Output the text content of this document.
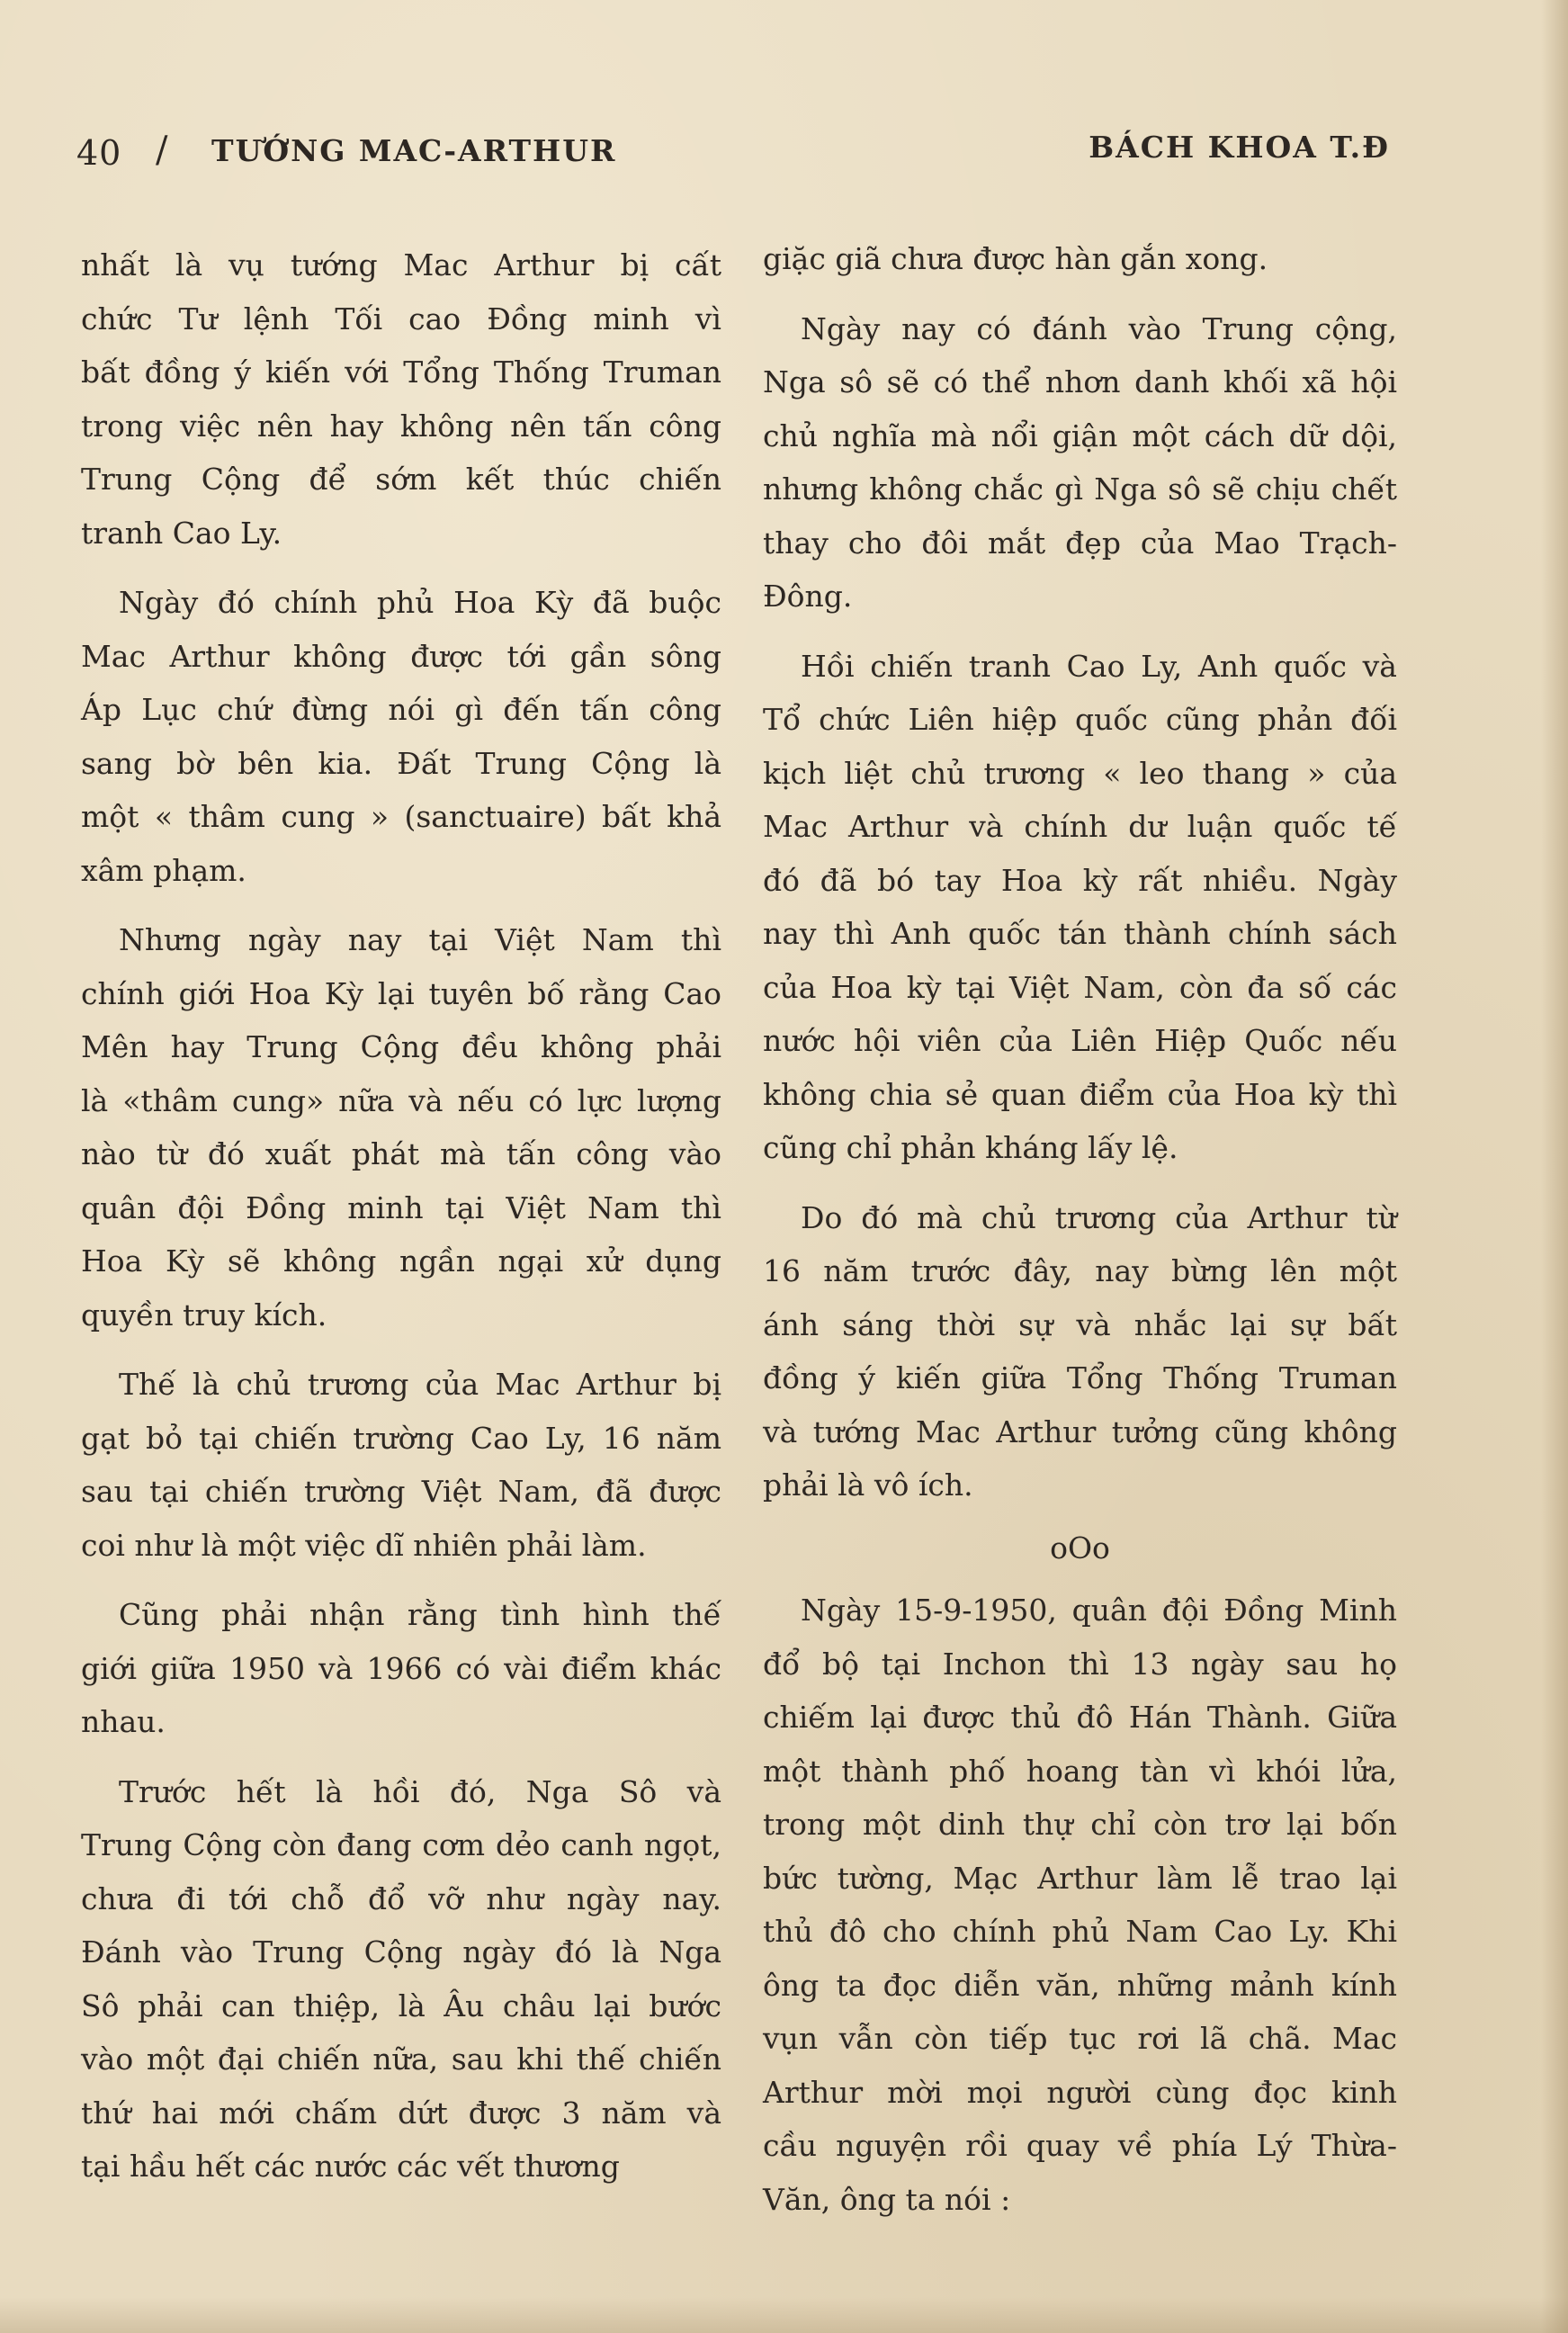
40 / TƯỚNG MAC-ARTHUR	BÁCH KHOA T.Đ
nhất là vụ tướng Mac Arthur bị cất
chức Tư lệnh Tối cao Đồng minh vì
bất đồng ý kiến với Tổng Thống Truman
trong việc nên hay không nên tấn công
Trung Cộng để sớm kết thúc chiến
tranh Cao Ly.
Ngày đó chính phủ Hoa Kỳ đã buộc
Mac Arthur không được tới gần sông
Áp Lục chứ đừng nói gì đến tấn công
sang bờ bên kia. Đất Trung Cộng là
một « thâm cung » (sanctuaire) bất khả
xâm phạm.
Nhưng ngày nay tại Việt Nam thì
chính giới Hoa Kỳ lại tuyên bố rằng Cao
Mên hay Trung Cộng đều không phải
là «thâm cung» nữa và nếu có lực lượng
nào từ đó xuất phát mà tấn công vào
quân đội Đồng minh tại Việt Nam thì
Hoa Kỳ sẽ không ngần ngại xử dụng
quyền truy kích.
Thế là chủ trương của Mac Arthur bị
gạt bỏ tại chiến trường Cao Ly, 16 năm
sau tại chiến trường Việt Nam, đã được
coi như là một việc dĩ nhiên phải làm.
Cũng phải nhận rằng tình hình thế
giới giữa 1950 và 1966 có vài điểm khác
nhau.
Trước hết là hồi đó, Nga Sô và
Trung Cộng còn đang cơm dẻo canh ngọt,
chưa đi tới chỗ đổ vỡ như ngày nay.
Đánh vào Trung Cộng ngày đó là Nga
Sô phải can thiệp, là Âu châu lại bước
vào một đại chiến nữa, sau khi thế chiến
thứ hai mới chấm dứt được 3 năm và
tại hầu hết các nước các vết thương
giặc giã chưa được hàn gắn xong.
Ngày nay có đánh vào Trung cộng,
Nga sô sẽ có thể nhơn danh khối xã hội
chủ nghĩa mà nổi giận một cách dữ dội,
nhưng không chắc gì Nga sô sẽ chịu chết
thay cho đôi mắt đẹp của Mao Trạch-
Đông.
Hồi chiến tranh Cao Ly, Anh quốc và
Tổ chức Liên hiệp quốc cũng phản đối
kịch liệt chủ trương « leo thang » của
Mac Arthur và chính dư luận quốc tế
đó đã bó tay Hoa kỳ rất nhiều. Ngày
nay thì Anh quốc tán thành chính sách
của Hoa kỳ tại Việt Nam, còn đa số các
nước hội viên của Liên Hiệp Quốc nếu
không chia sẻ quan điểm của Hoa kỳ thì
cũng chỉ phản kháng lấy lệ.
Do đó mà chủ trương của Arthur từ
16 năm trước đây, nay bừng lên một
ánh sáng thời sự và nhắc lại sự bất
đồng ý kiến giữa Tổng Thống Truman
và tướng Mac Arthur tưởng cũng không
phải là vô ích.
oOo
Ngày 15-9-1950, quân đội Đồng Minh
đổ bộ tại Inchon thì 13 ngày sau họ
chiếm lại được thủ đô Hán Thành. Giữa
một thành phố hoang tàn vì khói lửa,
trong một dinh thự chỉ còn trơ lại bốn
bức tường, Mạc Arthur làm lễ trao lại
thủ đô cho chính phủ Nam Cao Ly. Khi
ông ta đọc diễn văn, những mảnh kính
vụn vẫn còn tiếp tục rơi lã chã. Mac
Arthur mời mọi người cùng đọc kinh
cầu nguyện rồi quay về phía Lý Thừa-
Văn, ông ta nói :
